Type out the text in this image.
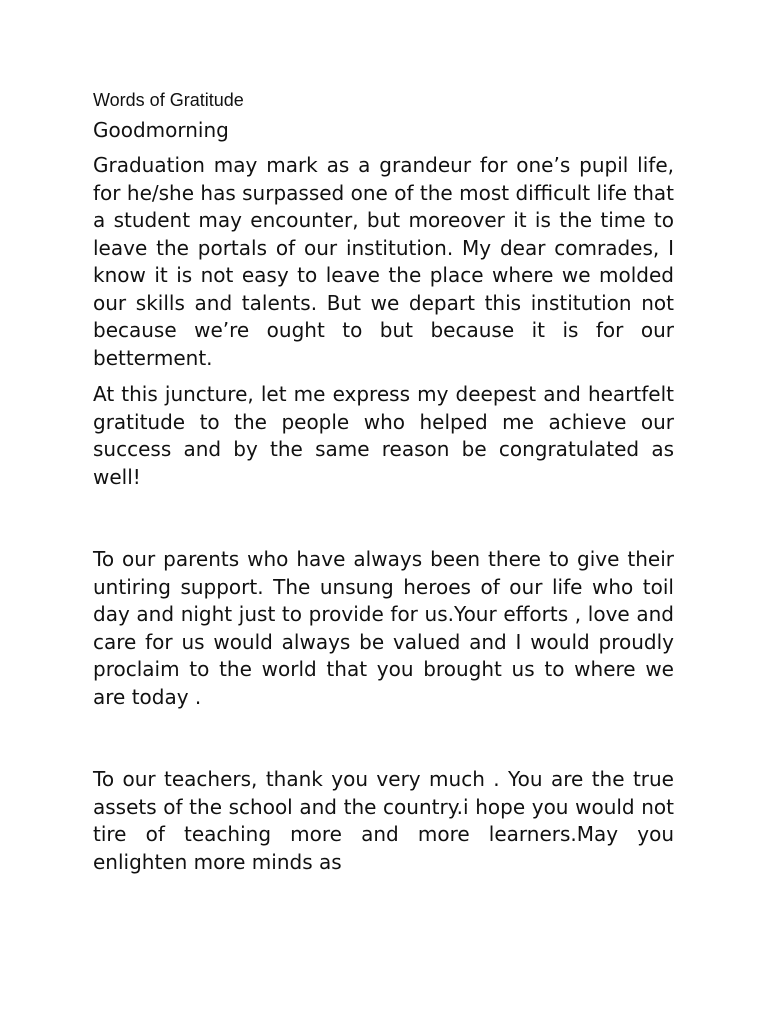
Words of Gratitude
Goodmorning

Graduation may mark as a grandeur for one’s pupil life, for he/she has surpassed one of the most difficult life that a student may encounter, but moreover it is the time to leave the portals of our institution. My dear comrades, I know it is not easy to leave the place where we molded our skills and talents. But we depart this institution not because we’re ought to but because it is for our betterment.

At this juncture, let me express my deepest and heartfelt gratitude to the people who helped me achieve our success and by the same reason be congratulated as well!

To our parents who have always been there to give their untiring support. The unsung heroes of our life who toil day and night just to provide for us.Your efforts , love and care for us would always be valued and I would proudly proclaim to the world that you brought us to where we are today .

To our teachers, thank you very much . You are the true assets of the school and the country.i hope you would not tire of teaching more and more learners.May you enlighten more minds as
